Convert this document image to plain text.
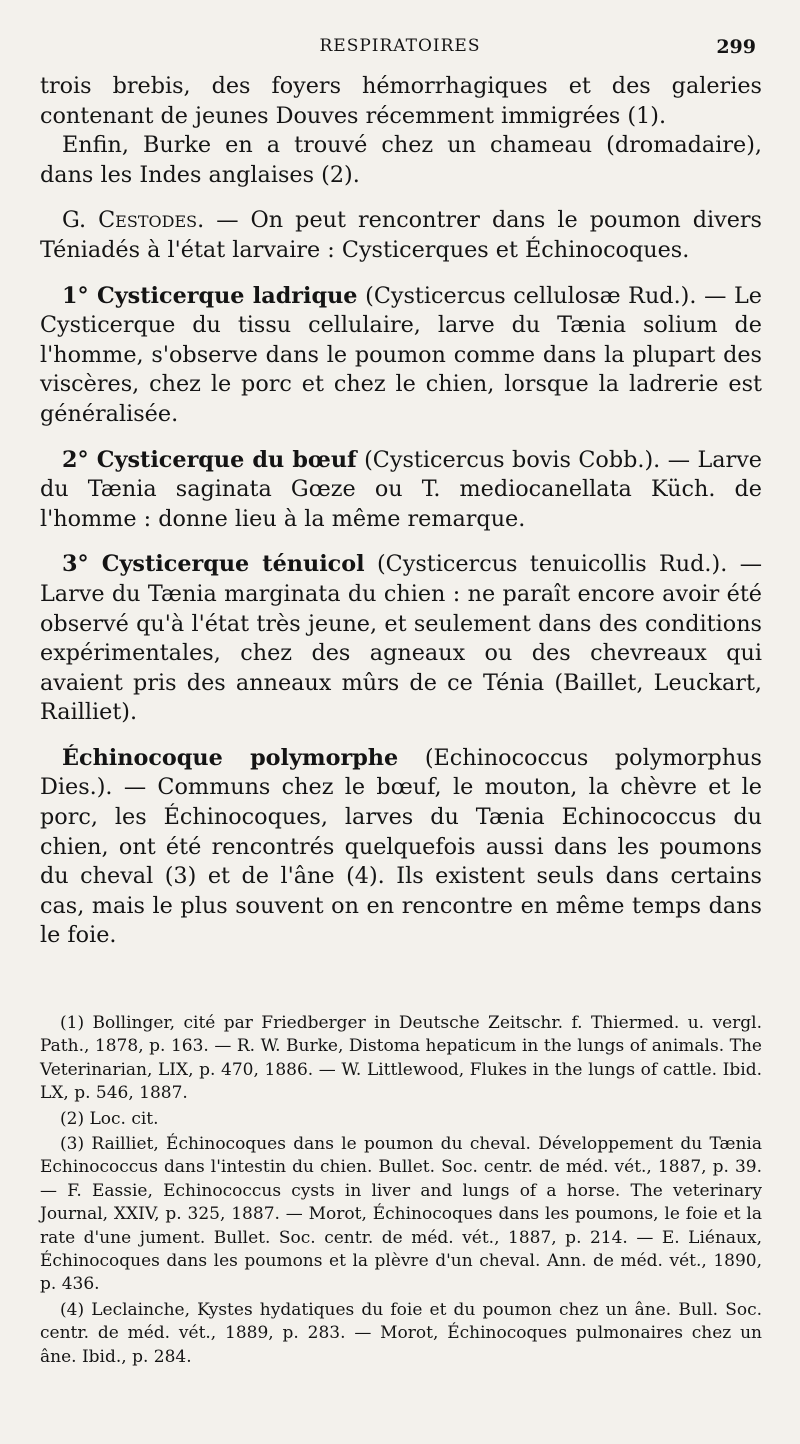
RESPIRATOIRES	299

trois brebis, des foyers hémorrhagiques et des galeries contenant de jeunes Douves récemment immigrées (1).

Enfin, Burke en a trouvé chez un chameau (dromadaire), dans les Indes anglaises (2).

G. Cestodes. — On peut rencontrer dans le poumon divers Téniadés à l'état larvaire : Cysticerques et Échinocoques.

1° Cysticerque ladrique (Cysticercus cellulosæ Rud.). — Le Cysticerque du tissu cellulaire, larve du Tænia solium de l'homme, s'observe dans le poumon comme dans la plupart des viscères, chez le porc et chez le chien, lorsque la ladrerie est généralisée.

2° Cysticerque du bœuf (Cysticercus bovis Cobb.). — Larve du Tænia saginata Gœze ou T. mediocanellata Küch. de l'homme : donne lieu à la même remarque.

3° Cysticerque ténuicol (Cysticercus tenuicollis Rud.). — Larve du Tænia marginata du chien : ne paraît encore avoir été observé qu'à l'état très jeune, et seulement dans des conditions expérimentales, chez des agneaux ou des chevreaux qui avaient pris des anneaux mûrs de ce Ténia (Baillet, Leuckart, Railliet).

Échinocoque polymorphe (Echinococcus polymorphus Dies.). — Communs chez le bœuf, le mouton, la chèvre et le porc, les Échinocoques, larves du Tænia Echinococcus du chien, ont été rencontrés quelquefois aussi dans les poumons du cheval (3) et de l'âne (4). Ils existent seuls dans certains cas, mais le plus souvent on en rencontre en même temps dans le foie.

(1) Bollinger, cité par Friedberger in Deutsche Zeitschr. f. Thiermed. u. vergl. Path., 1878, p. 163. — R. W. Burke, Distoma hepaticum in the lungs of animals. The Veterinarian, LIX, p. 470, 1886. — W. Littlewood, Flukes in the lungs of cattle. Ibid. LX, p. 546, 1887.

(2) Loc. cit.

(3) Railliet, Échinocoques dans le poumon du cheval. Développement du Tænia Echinococcus dans l'intestin du chien. Bullet. Soc. centr. de méd. vét., 1887, p. 39. — F. Eassie, Echinococcus cysts in liver and lungs of a horse. The veterinary Journal, XXIV, p. 325, 1887. — Morot, Échinocoques dans les poumons, le foie et la rate d'une jument. Bullet. Soc. centr. de méd. vét., 1887, p. 214. — E. Liénaux, Échinocoques dans les poumons et la plèvre d'un cheval. Ann. de méd. vét., 1890, p. 436.

(4) Leclainche, Kystes hydatiques du foie et du poumon chez un âne. Bull. Soc. centr. de méd. vét., 1889, p. 283. — Morot, Échinocoques pulmonaires chez un âne. Ibid., p. 284.
